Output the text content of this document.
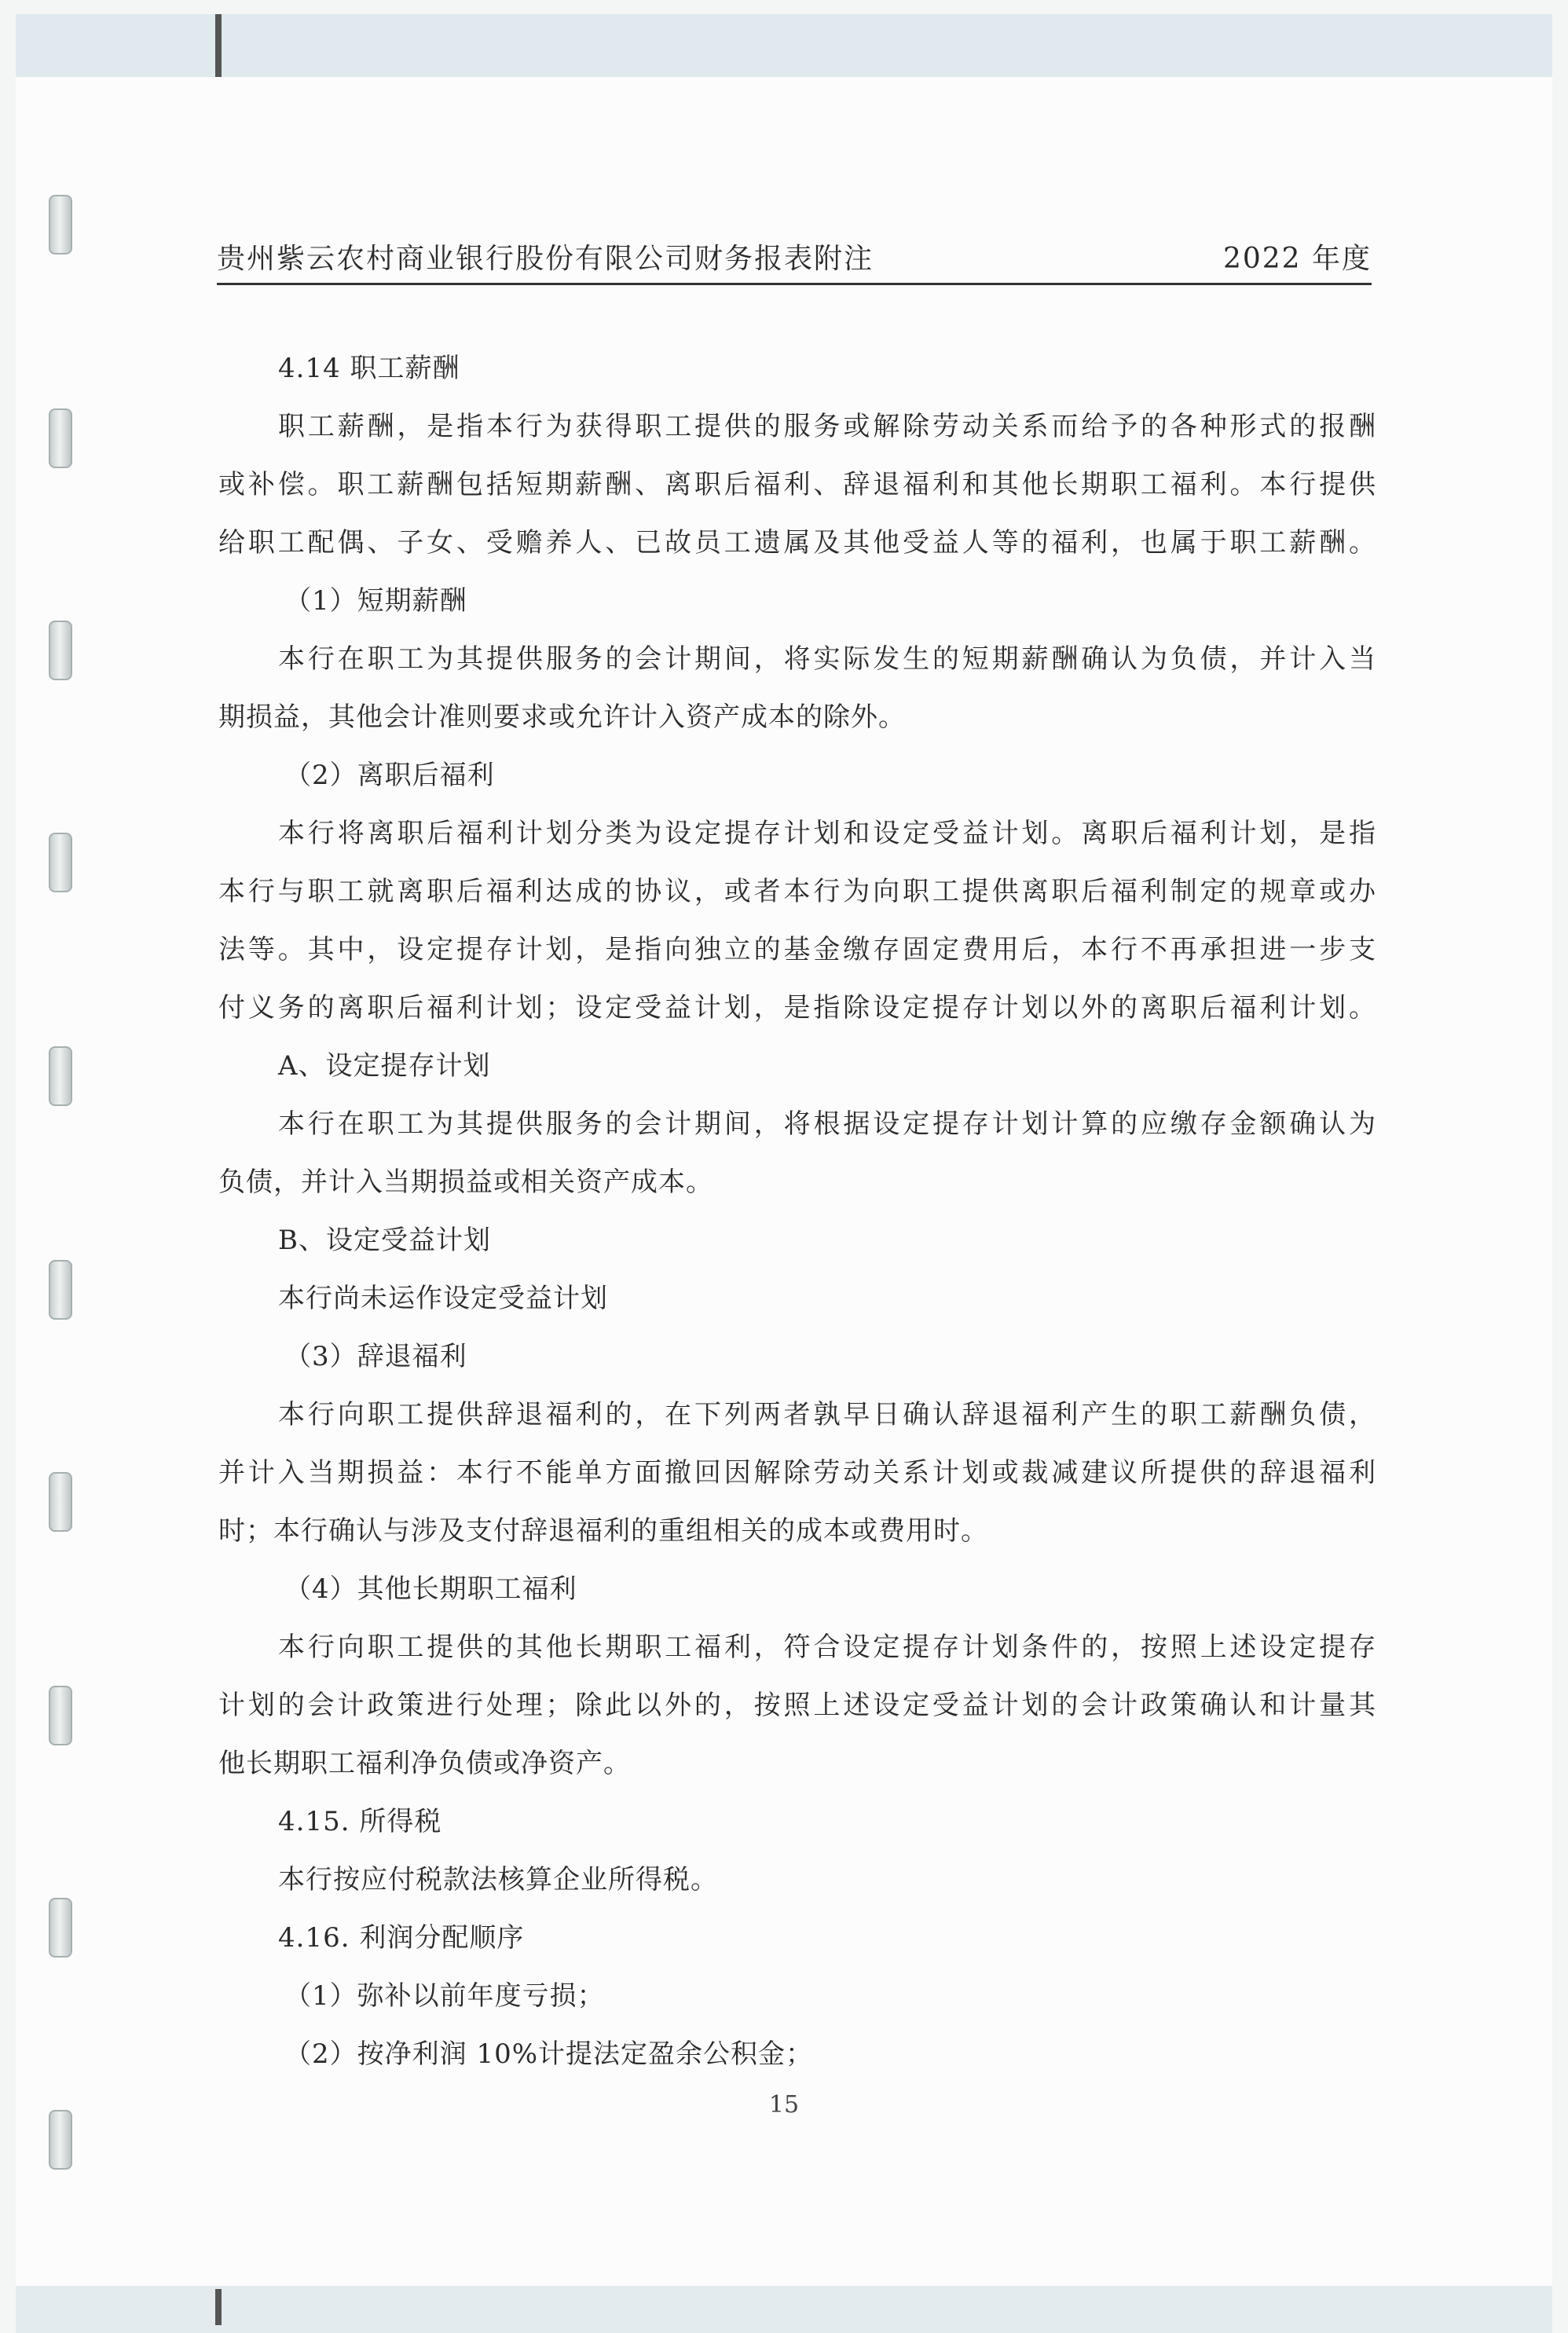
贵州紫云农村商业银行股份有限公司财务报表附注	2022 年度
4.14 职工薪酬
职工薪酬，是指本行为获得职工提供的服务或解除劳动关系而给予的各种形式的报酬
或补偿。职工薪酬包括短期薪酬、离职后福利、辞退福利和其他长期职工福利。本行提供
给职工配偶、子女、受赡养人、已故员工遗属及其他受益人等的福利，也属于职工薪酬。
（1）短期薪酬
本行在职工为其提供服务的会计期间，将实际发生的短期薪酬确认为负债，并计入当
期损益，其他会计准则要求或允许计入资产成本的除外。
（2）离职后福利
本行将离职后福利计划分类为设定提存计划和设定受益计划。离职后福利计划，是指
本行与职工就离职后福利达成的协议，或者本行为向职工提供离职后福利制定的规章或办
法等。其中，设定提存计划，是指向独立的基金缴存固定费用后，本行不再承担进一步支
付义务的离职后福利计划；设定受益计划，是指除设定提存计划以外的离职后福利计划。
A、设定提存计划
本行在职工为其提供服务的会计期间，将根据设定提存计划计算的应缴存金额确认为
负债，并计入当期损益或相关资产成本。
B、设定受益计划
本行尚未运作设定受益计划
（3）辞退福利
本行向职工提供辞退福利的，在下列两者孰早日确认辞退福利产生的职工薪酬负债，
并计入当期损益：本行不能单方面撤回因解除劳动关系计划或裁减建议所提供的辞退福利
时；本行确认与涉及支付辞退福利的重组相关的成本或费用时。
（4）其他长期职工福利
本行向职工提供的其他长期职工福利，符合设定提存计划条件的，按照上述设定提存
计划的会计政策进行处理；除此以外的，按照上述设定受益计划的会计政策确认和计量其
他长期职工福利净负债或净资产。
4.15. 所得税
本行按应付税款法核算企业所得税。
4.16. 利润分配顺序
（1）弥补以前年度亏损；
（2）按净利润 10%计提法定盈余公积金；
15
